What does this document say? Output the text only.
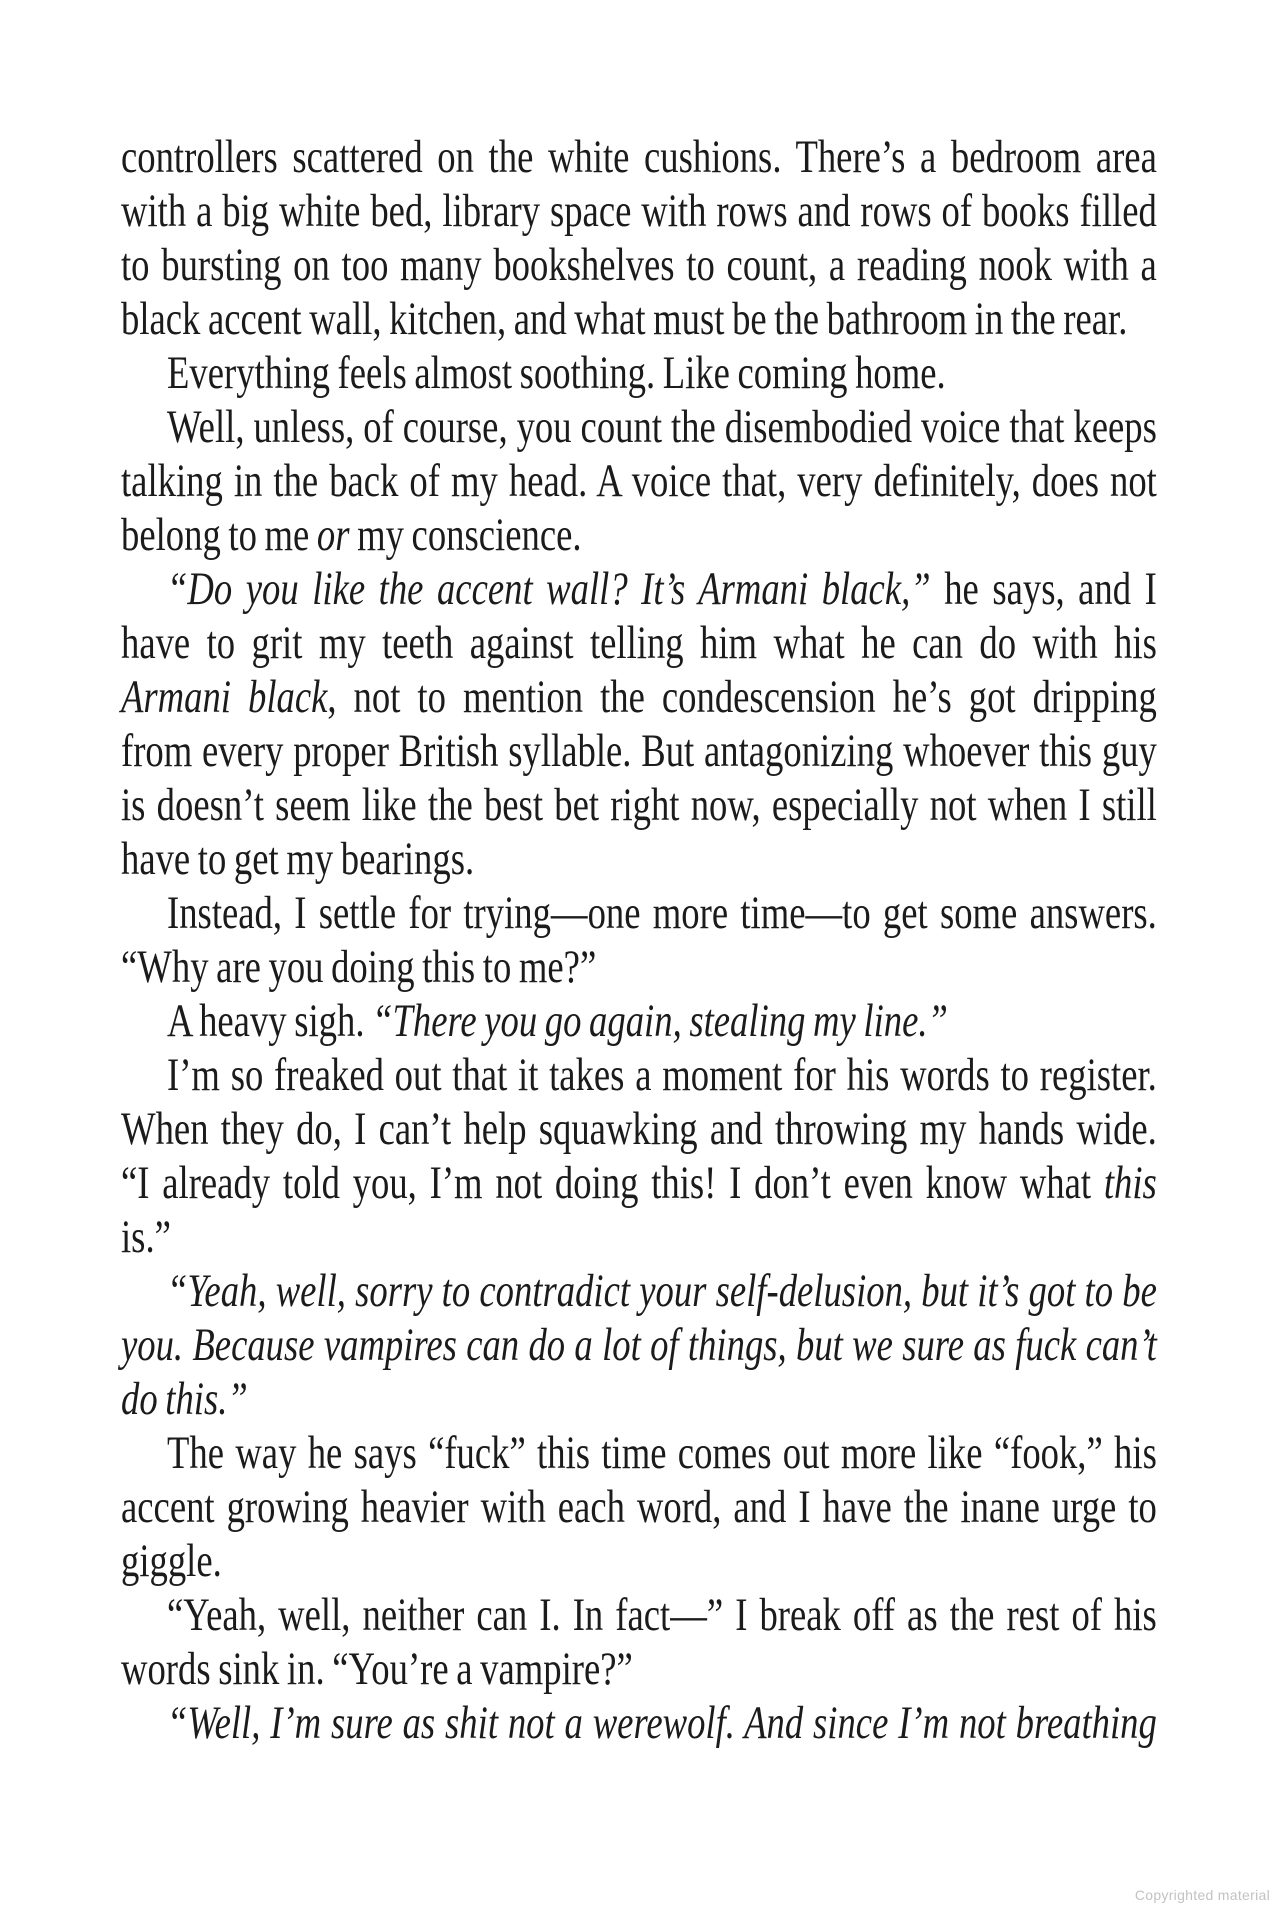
controllers scattered on the white cushions. There’s a bedroom area
with a big white bed, library space with rows and rows of books filled
to bursting on too many bookshelves to count, a reading nook with a
black accent wall, kitchen, and what must be the bathroom in the rear.
Everything feels almost soothing. Like coming home.
Well, unless, of course, you count the disembodied voice that keeps
talking in the back of my head. A voice that, very definitely, does not
belong to me or my conscience.
“Do you like the accent wall? It’s Armani black,” he says, and I
have to grit my teeth against telling him what he can do with his
Armani black, not to mention the condescension he’s got dripping
from every proper British syllable. But antagonizing whoever this guy
is doesn’t seem like the best bet right now, especially not when I still
have to get my bearings.
Instead, I settle for trying—one more time—to get some answers.
“Why are you doing this to me?”
A heavy sigh. “There you go again, stealing my line.”
I’m so freaked out that it takes a moment for his words to register.
When they do, I can’t help squawking and throwing my hands wide.
“I already told you, I’m not doing this! I don’t even know what this
is.”
“Yeah, well, sorry to contradict your self-delusion, but it’s got to be
you. Because vampires can do a lot of things, but we sure as fuck can’t
do this.”
The way he says “fuck” this time comes out more like “fook,” his
accent growing heavier with each word, and I have the inane urge to
giggle.
“Yeah, well, neither can I. In fact—” I break off as the rest of his
words sink in. “You’re a vampire?”
“Well, I’m sure as shit not a werewolf. And since I’m not breathing
Copyrighted material
